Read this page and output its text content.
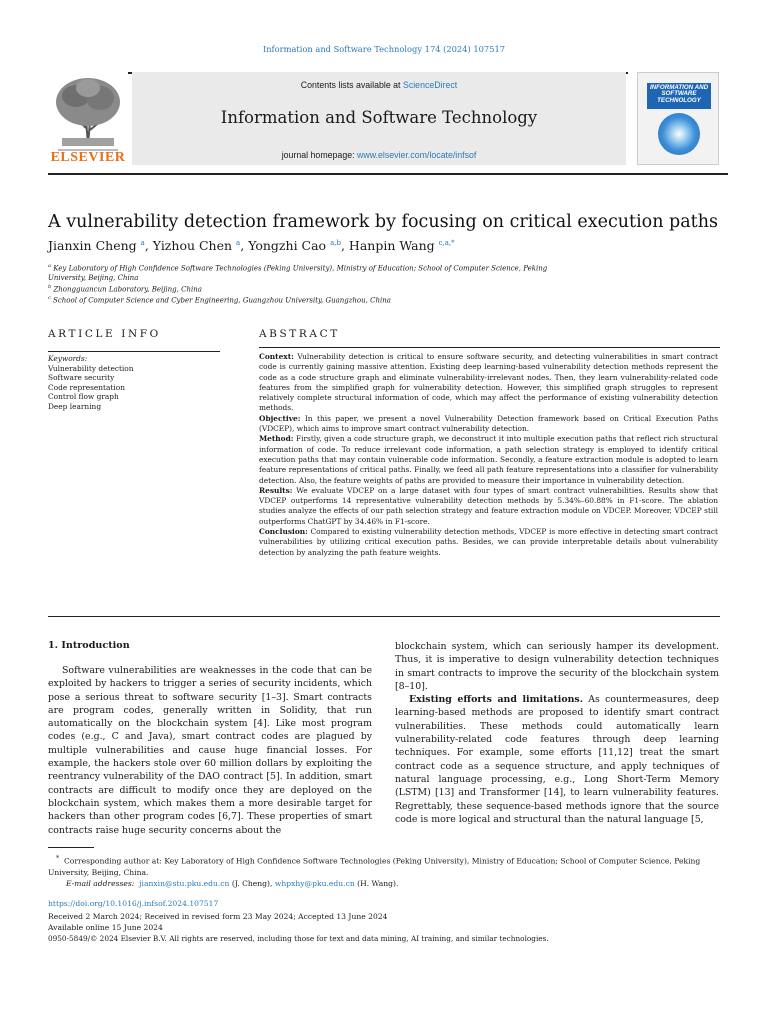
Information and Software Technology 174 (2024) 107517
ELSEVIER
Contents lists available at ScienceDirect
Information and Software Technology
journal homepage: www.elsevier.com/locate/infsof
INFORMATION AND SOFTWARE TECHNOLOGY
A vulnerability detection framework by focusing on critical execution paths
Jianxin Cheng $^a$, Yizhou Chen $^a$, Yongzhi Cao $^{a,b}$, Hanpin Wang $^{c,a,*}$
$^a$ Key Laboratory of High Confidence Software Technologies (Peking University), Ministry of Education; School of Computer Science, Peking University, Beijing, China
$^b$ Zhongguancun Laboratory, Beijing, China
$^c$ School of Computer Science and Cyber Engineering, Guangzhou University, Guangzhou, China
ARTICLE INFO	ABSTRACT
Keywords:
Vulnerability detection
Software security
Code representation
Control flow graph
Deep learning
Context: Vulnerability detection is critical to ensure software security, and detecting vulnerabilities in smart contract code is currently gaining massive attention. Existing deep learning-based vulnerability detection methods represent the code as a code structure graph and eliminate vulnerability-irrelevant nodes. Then, they learn vulnerability-related code features from the simplified graph for vulnerability detection. However, this simplified graph struggles to represent relatively complete structural information of code, which may affect the performance of existing vulnerability detection methods.
Objective: In this paper, we present a novel Vulnerability Detection framework based on Critical Execution Paths (VDCEP), which aims to improve smart contract vulnerability detection.
Method: Firstly, given a code structure graph, we deconstruct it into multiple execution paths that reflect rich structural information of code. To reduce irrelevant code information, a path selection strategy is employed to identify critical execution paths that may contain vulnerable code information. Secondly, a feature extraction module is adopted to learn feature representations of critical paths. Finally, we feed all path feature representations into a classifier for vulnerability detection. Also, the feature weights of paths are provided to measure their importance in vulnerability detection.
Results: We evaluate VDCEP on a large dataset with four types of smart contract vulnerabilities. Results show that VDCEP outperforms 14 representative vulnerability detection methods by 5.34%–60.88% in F1-score. The ablation studies analyze the effects of our path selection strategy and feature extraction module on VDCEP. Moreover, VDCEP still outperforms ChatGPT by 34.46% in F1-score.
Conclusion: Compared to existing vulnerability detection methods, VDCEP is more effective in detecting smart contract vulnerabilities by utilizing critical execution paths. Besides, we can provide interpretable details about vulnerability detection by analyzing the path feature weights.
1. Introduction

Software vulnerabilities are weaknesses in the code that can be exploited by hackers to trigger a series of security incidents, which pose a serious threat to software security [1–3]. Smart contracts are program codes, generally written in Solidity, that run automatically on the blockchain system [4]. Like most program codes (e.g., C and Java), smart contract codes are plagued by multiple vulnerabilities and cause huge financial losses. For example, the hackers stole over 60 million dollars by exploiting the reentrancy vulnerability of the DAO contract [5]. In addition, smart contracts are difficult to modify once they are deployed on the blockchain system, which makes them a more desirable target for hackers than other program codes [6,7]. These properties of smart contracts raise huge security concerns about the

blockchain system, which can seriously hamper its development. Thus, it is imperative to design vulnerability detection techniques in smart contracts to improve the security of the blockchain system [8–10].

Existing efforts and limitations. As countermeasures, deep learning-based methods are proposed to identify smart contract vulnerabilities. These methods could automatically learn vulnerability-related code features through deep learning techniques. For example, some efforts [11,12] treat the smart contract code as a sequence structure, and apply techniques of natural language processing, e.g., Long Short-Term Memory (LSTM) [13] and Transformer [14], to learn vulnerability features. Regrettably, these sequence-based methods ignore that the source code is more logical and structural than the natural language [5,

* Corresponding author at: Key Laboratory of High Confidence Software Technologies (Peking University), Ministry of Education; School of Computer Science, Peking University, Beijing, China.
E-mail addresses: jianxin@stu.pku.edu.cn (J. Cheng), whpxhy@pku.edu.cn (H. Wang).
https://doi.org/10.1016/j.infsof.2024.107517
Received 2 March 2024; Received in revised form 23 May 2024; Accepted 13 June 2024
Available online 15 June 2024
0950-5849/© 2024 Elsevier B.V. All rights are reserved, including those for text and data mining, AI training, and similar technologies.
